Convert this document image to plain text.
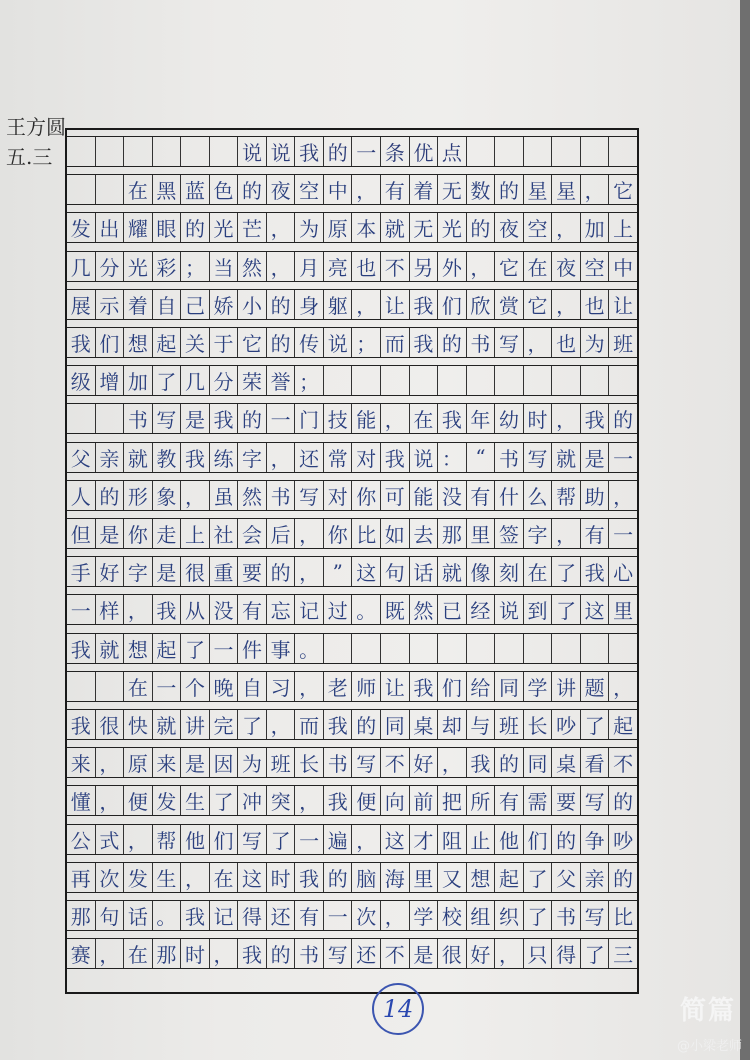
王方圆
五.三	说 说 我 的 一 条 优 点
在 黑 蓝 色 的 夜 空 中 ， 有 着 无 数 的 星 星 ， 它
发 出 耀 眼 的 光 芒 ， 为 原 本 就 无 光 的 夜 空 ， 加 上
几 分 光 彩 ； 当 然 ， 月 亮 也 不 另 外 ， 它 在 夜 空 中
展 示 着 自 己 娇 小 的 身 躯 ， 让 我 们 欣 赏 它 ， 也 让
我 们 想 起 关 于 它 的 传 说 ； 而 我 的 书 写 ， 也 为 班
级 增 加 了 几 分 荣 誉 ；
书 写 是 我 的 一 门 技 能 ， 在 我 年 幼 时 ， 我 的
父 亲 就 教 我 练 字 ， 还 常 对 我 说 ： “ 书 写 就 是 一
人 的 形 象 ， 虽 然 书 写 对 你 可 能 没 有 什 么 帮 助 ，
但 是 你 走 上 社 会 后 ， 你 比 如 去 那 里 签 字 ， 有 一
手 好 字 是 很 重 要 的 ， ” 这 句 话 就 像 刻 在 了 我 心
一 样 ， 我 从 没 有 忘 记 过 。 既 然 已 经 说 到 了 这 里
我 就 想 起 了 一 件 事 。
在 一 个 晚 自 习 ， 老 师 让 我 们 给 同 学 讲 题 ，
我 很 快 就 讲 完 了 ， 而 我 的 同 桌 却 与 班 长 吵 了 起
来 ， 原 来 是 因 为 班 长 书 写 不 好 ， 我 的 同 桌 看 不
懂 ， 便 发 生 了 冲 突 ， 我 便 向 前 把 所 有 需 要 写 的
公 式 ， 帮 他 们 写 了 一 遍 ， 这 才 阻 止 他 们 的 争 吵
再 次 发 生 ， 在 这 时 我 的 脑 海 里 又 想 起 了 父 亲 的
那 句 话 。 我 记 得 还 有 一 次 ， 学 校 组 织 了 书 写 比
赛 ， 在 那 时 ， 我 的 书 写 还 不 是 很 好 ， 只 得 了 三
14	简篇
@小梁老师
